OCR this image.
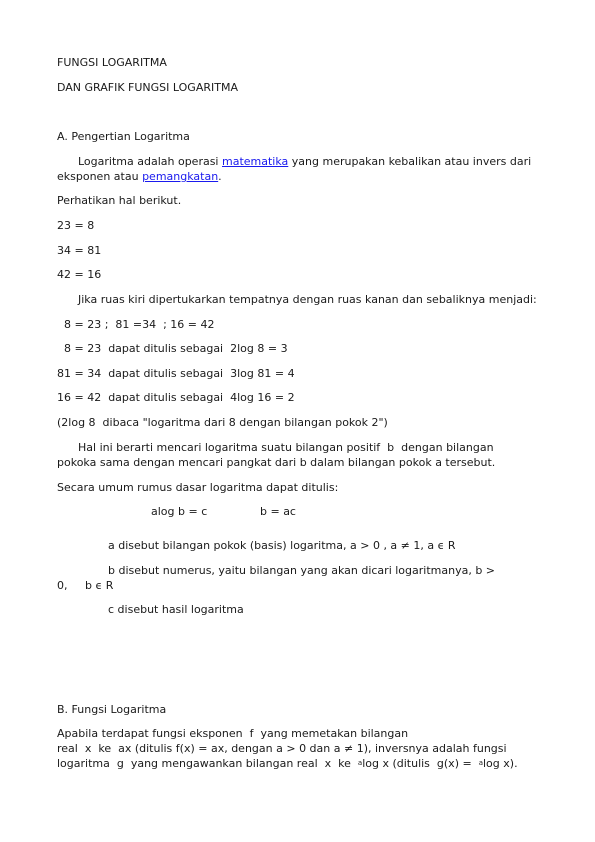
FUNGSI LOGARITMA
DAN GRAFIK FUNGSI LOGARITMA
A. Pengertian Logaritma
Logaritma adalah operasi matematika yang merupakan kebalikan atau invers dari
eksponen atau pemangkatan.
Perhatikan hal berikut.
23 = 8
34 = 81
42 = 16
Jika ruas kiri dipertukarkan tempatnya dengan ruas kanan dan sebaliknya menjadi:
8 = 23 ;  81 =34  ; 16 = 42
8 = 23  dapat ditulis sebagai  2log 8 = 3
81 = 34  dapat ditulis sebagai  3log 81 = 4
16 = 42  dapat ditulis sebagai  4log 16 = 2
(2log 8  dibaca "logaritma dari 8 dengan bilangan pokok 2")
Hal ini berarti mencari logaritma suatu bilangan positif  b  dengan bilangan
pokoka sama dengan mencari pangkat dari b dalam bilangan pokok a tersebut.
Secara umum rumus dasar logaritma dapat ditulis:
alog b = c	b = ac
a disebut bilangan pokok (basis) logaritma, a > 0 , a ≠ 1, a ϵ R
b disebut numerus, yaitu bilangan yang akan dicari logaritmanya, b >
0,     b ϵ R
c disebut hasil logaritma
B. Fungsi Logaritma
Apabila terdapat fungsi eksponen  f  yang memetakan bilangan
real  x  ke  ax (ditulis f(x) = ax, dengan a > 0 dan a ≠ 1), inversnya adalah fungsi
logaritma  g  yang mengawankan bilangan real  x  ke  $^a$log x (ditulis  g(x) =  $^a$log x).
